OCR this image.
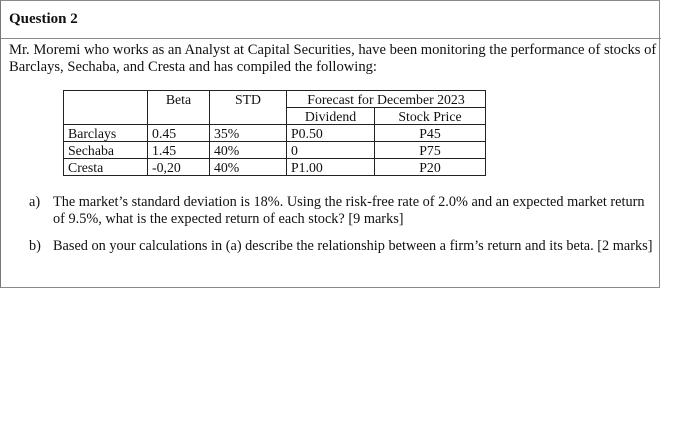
Question 2
Mr. Moremi who works as an Analyst at Capital Securities, have been monitoring the performance of stocks of Barclays, Sechaba, and Cresta and has compiled the following:
	Beta	STD	Forecast for December 2023	
			Dividend	Stock Price
Barclays	0.45	35%	P0.50	P45
Sechaba	1.45	40%	0	P75
Cresta	-0,20	40%	P1.00	P20
a) The market’s standard deviation is 18%. Using the risk-free rate of 2.0% and an expected market return of 9.5%, what is the expected return of each stock? [9 marks]
b) Based on your calculations in (a) describe the relationship between a firm’s return and its beta. [2 marks]
